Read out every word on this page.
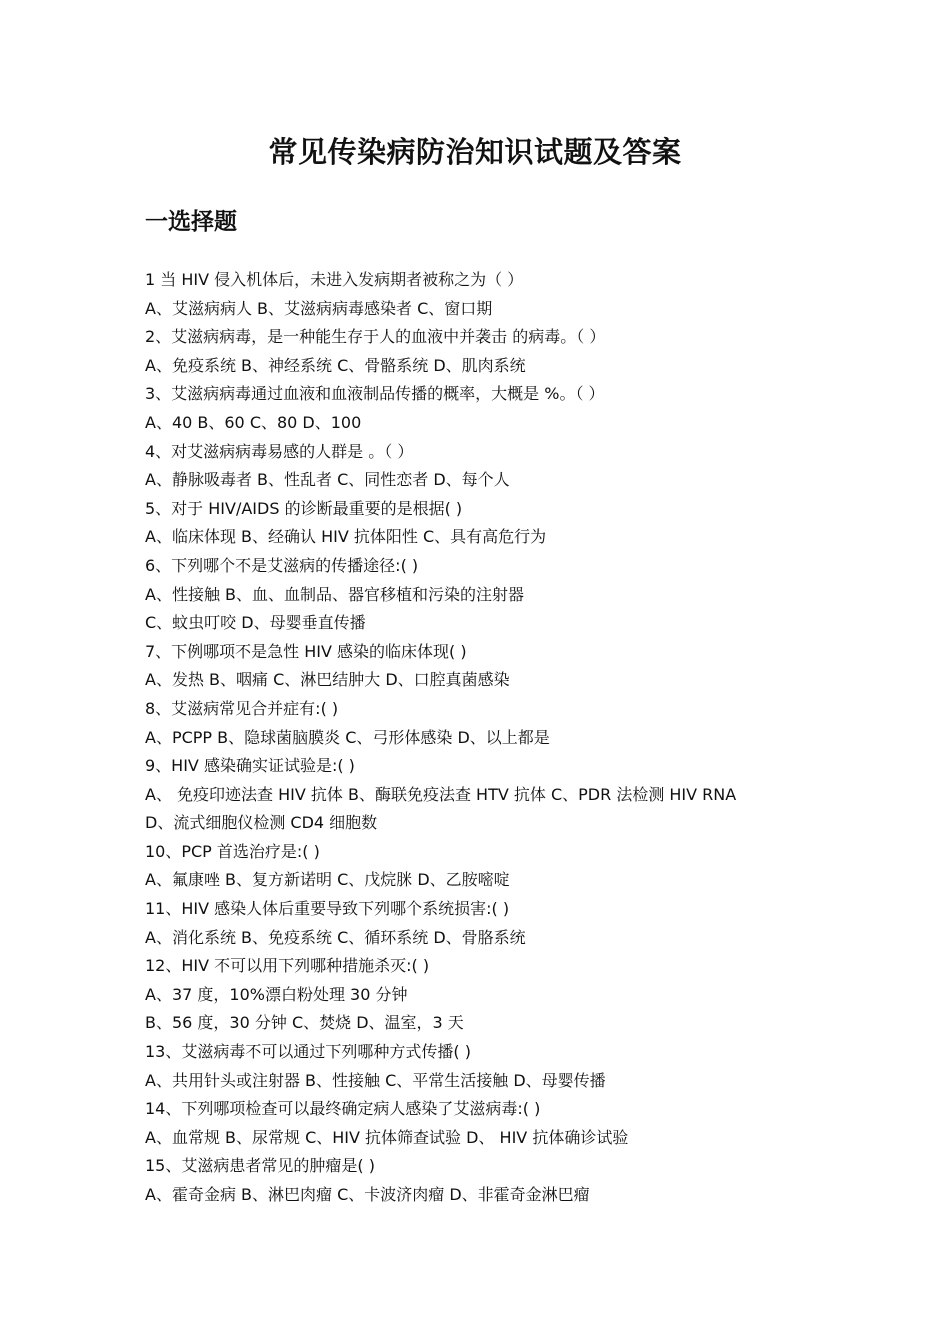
常见传染病防治知识试题及答案
一选择题
1 当 HIV 侵入机体后，未进入发病期者被称之为（ ）
A、艾滋病病人 B、艾滋病病毒感染者 C、窗口期
2、艾滋病病毒，是一种能生存于人的血液中并袭击 的病毒。（ ）
A、免疫系统 B、神经系统 C、骨骼系统 D、肌肉系统
3、艾滋病病毒通过血液和血液制品传播的概率，大概是 %。（ ）
A、40 B、60 C、80 D、100
4、对艾滋病病毒易感的人群是 。（ ）
A、静脉吸毒者 B、性乱者 C、同性恋者 D、每个人
5、对于 HIV/AIDS 的诊断最重要的是根据( )
A、临床体现 B、经确认 HIV 抗体阳性 C、具有高危行为
6、下列哪个不是艾滋病的传播途径:( )
A、性接触 B、血、血制品、器官移植和污染的注射器
C、蚊虫叮咬 D、母婴垂直传播
7、下例哪项不是急性 HIV 感染的临床体现( )
A、发热 B、咽痛 C、淋巴结肿大 D、口腔真菌感染
8、艾滋病常见合并症有:( )
A、PCPP B、隐球菌脑膜炎 C、弓形体感染 D、以上都是
9、HIV 感染确实证试验是:( )
A、 免疫印迹法查 HIV 抗体 B、酶联免疫法查 HTV 抗体 C、PDR 法检测 HIV RNA
D、流式细胞仪检测 CD4 细胞数
10、PCP 首选治疗是:( )
A、氟康唑 B、复方新诺明 C、戊烷脒 D、乙胺嘧啶
11、HIV 感染人体后重要导致下列哪个系统损害:( )
A、消化系统 B、免疫系统 C、循环系统 D、骨胳系统
12、HIV 不可以用下列哪种措施杀灭:( )
A、37 度，10%漂白粉处理 30 分钟
B、56 度，30 分钟 C、焚烧 D、温室，3 天
13、艾滋病毒不可以通过下列哪种方式传播( )
A、共用针头或注射器 B、性接触 C、平常生活接触 D、母婴传播
14、下列哪项检查可以最终确定病人感染了艾滋病毒:( )
A、血常规 B、尿常规 C、HIV 抗体筛查试验 D、 HIV 抗体确诊试验
15、艾滋病患者常见的肿瘤是( )
A、霍奇金病 B、淋巴肉瘤 C、卡波济肉瘤 D、非霍奇金淋巴瘤
